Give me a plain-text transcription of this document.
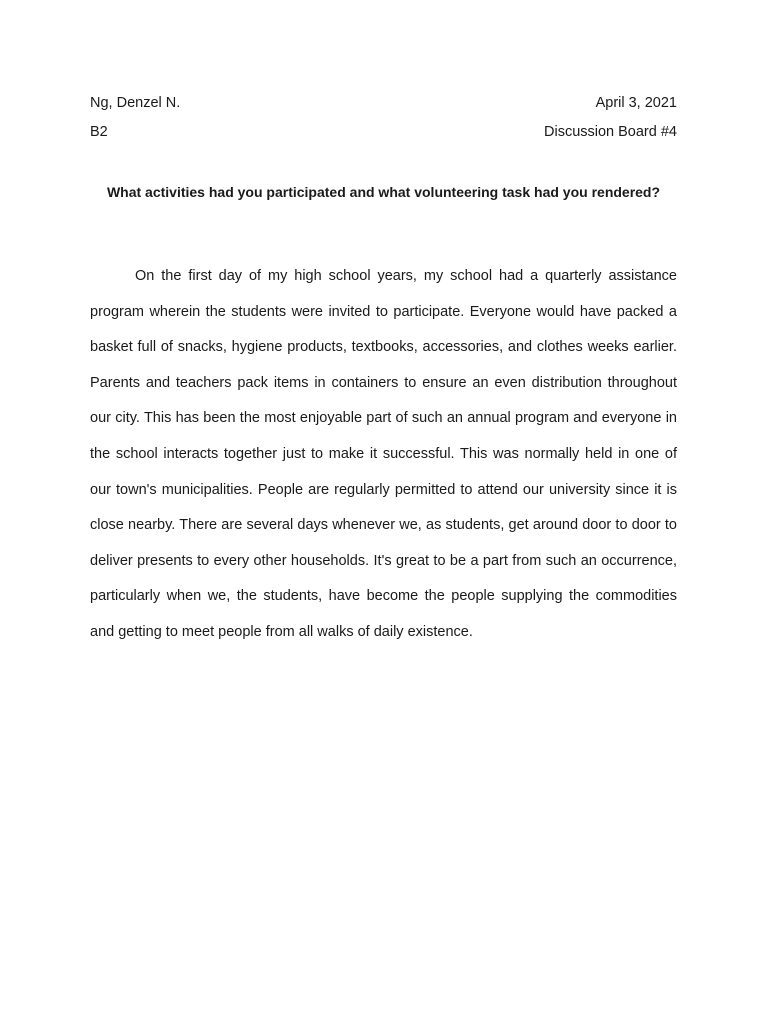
Ng, Denzel N.	April 3, 2021
B2	Discussion Board #4
What activities had you participated and what volunteering task had you rendered?

On the first day of my high school years, my school had a quarterly assistance program wherein the students were invited to participate. Everyone would have packed a basket full of snacks, hygiene products, textbooks, accessories, and clothes weeks earlier. Parents and teachers pack items in containers to ensure an even distribution throughout our city. This has been the most enjoyable part of such an annual program and everyone in the school interacts together just to make it successful. This was normally held in one of our town's municipalities. People are regularly permitted to attend our university since it is close nearby. There are several days whenever we, as students, get around door to door to deliver presents to every other households. It's great to be a part from such an occurrence, particularly when we, the students, have become the people supplying the commodities and getting to meet people from all walks of daily existence.
